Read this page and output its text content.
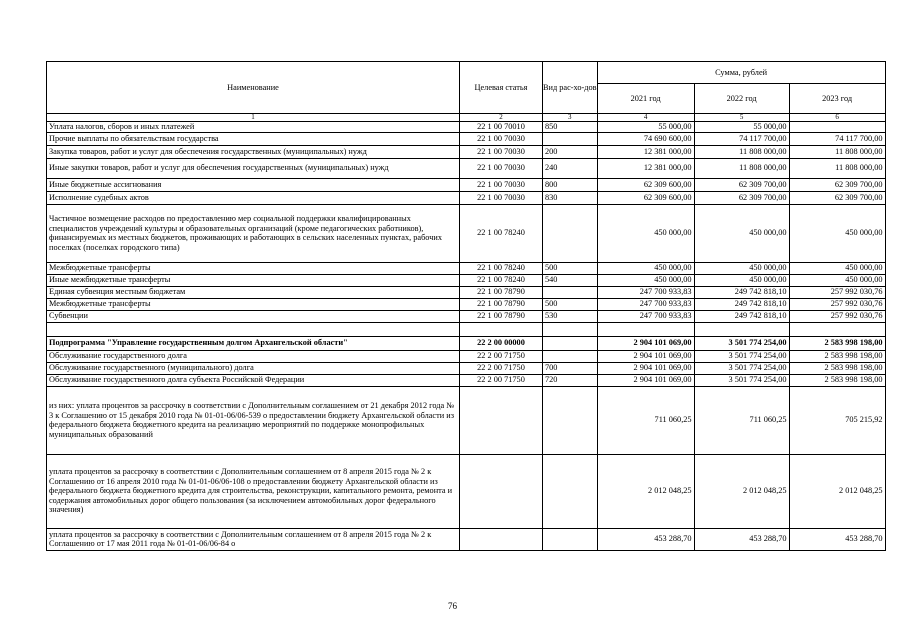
Наименование	Целевая статья	Вид рас-хо-дов	Сумма, рублей		
			2021 год	2022 год	2023 год
1	2	3	4	5	6
Уплата налогов, сборов и иных платежей	22 1 00 70010	850	55 000,00	55 000,00	
Прочие выплаты по обязательствам государства	22 1 00 70030		74 690 600,00	74 117 700,00	74 117 700,00
Закупка товаров, работ и услуг для обеспечения государственных (муниципальных) нужд	22 1 00 70030	200	12 381 000,00	11 808 000,00	11 808 000,00
Иные закупки товаров, работ и услуг для обеспечения государственных (муниципальных) нужд	22 1 00 70030	240	12 381 000,00	11 808 000,00	11 808 000,00
Иные бюджетные ассигнования	22 1 00 70030	800	62 309 600,00	62 309 700,00	62 309 700,00
Исполнение судебных актов	22 1 00 70030	830	62 309 600,00	62 309 700,00	62 309 700,00
Частичное возмещение расходов по предоставлению мер социальной поддержки квалифицированных специалистов учреждений культуры и образовательных организаций (кроме педагогических работников), финансируемых из местных бюджетов, проживающих и работающих в сельских населенных пунктах, рабочих поселках (поселках городского типа)	22 1 00 78240		450 000,00	450 000,00	450 000,00
Межбюджетные трансферты	22 1 00 78240	500	450 000,00	450 000,00	450 000,00
Иные межбюджетные трансферты	22 1 00 78240	540	450 000,00	450 000,00	450 000,00
Единая субвенция местным бюджетам	22 1 00 78790		247 700 933,83	249 742 818,10	257 992 030,76
Межбюджетные трансферты	22 1 00 78790	500	247 700 933,83	249 742 818,10	257 992 030,76
Субвенции	22 1 00 78790	530	247 700 933,83	249 742 818,10	257 992 030,76

Подпрограмма "Управление государственным долгом Архангельской области"	22 2 00 00000		2 904 101 069,00	3 501 774 254,00	2 583 998 198,00
Обслуживание государственного долга	22 2 00 71750		2 904 101 069,00	3 501 774 254,00	2 583 998 198,00
Обслуживание государственного (муниципального) долга	22 2 00 71750	700	2 904 101 069,00	3 501 774 254,00	2 583 998 198,00
Обслуживание государственного долга субъекта Российской Федерации	22 2 00 71750	720	2 904 101 069,00	3 501 774 254,00	2 583 998 198,00
из них: уплата процентов за рассрочку в соответствии с Дополнительным соглашением от 21 декабря 2012 года № 3 к Соглашению от 15 декабря 2010 года № 01-01-06/06-539 о предоставлении бюджету Архангельской области из федерального бюджета бюджетного кредита на реализацию мероприятий по поддержке монопрофильных муниципальных образований			711 060,25	711 060,25	705 215,92
уплата процентов за рассрочку в соответствии с Дополнительным соглашением от 8 апреля 2015 года № 2 к Соглашению от 16 апреля 2010 года № 01-01-06/06-108 о предоставлении бюджету Архангельской области из федерального бюджета бюджетного кредита для строительства, реконструкции, капитального ремонта, ремонта и содержания автомобильных дорог общего пользования (за исключением автомобильных дорог федерального значения)			2 012 048,25	2 012 048,25	2 012 048,25
уплата процентов за рассрочку в соответствии с Дополнительным соглашением от 8 апреля 2015 года № 2 к Соглашению от 17 мая 2011 года № 01-01-06/06-84 о			453 288,70	453 288,70	453 288,70
76
